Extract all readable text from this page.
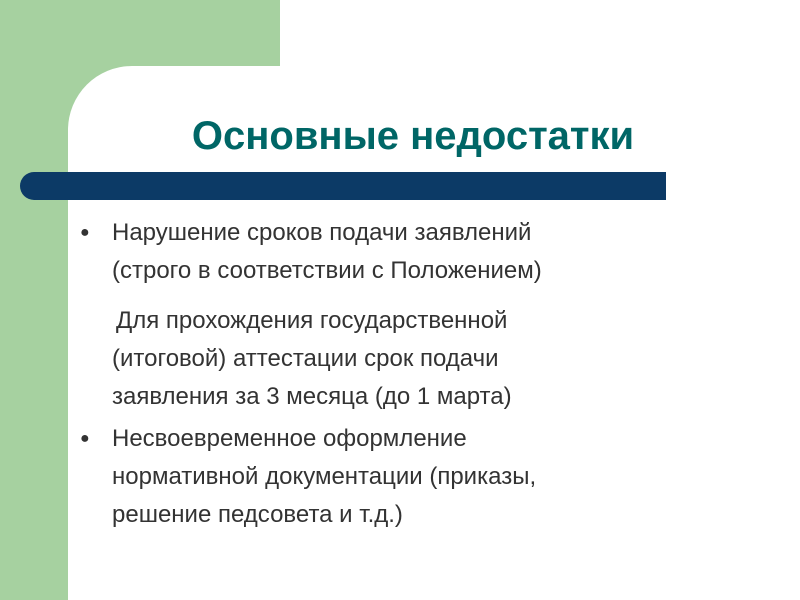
Основные недостатки
● Нарушение сроков подачи заявлений
(строго в соответствии с Положением)
Для прохождения государственной
(итоговой) аттестации срок подачи
заявления за 3 месяца (до 1 марта)
● Несвоевременное оформление
нормативной документации (приказы,
решение педсовета и т.д.)
